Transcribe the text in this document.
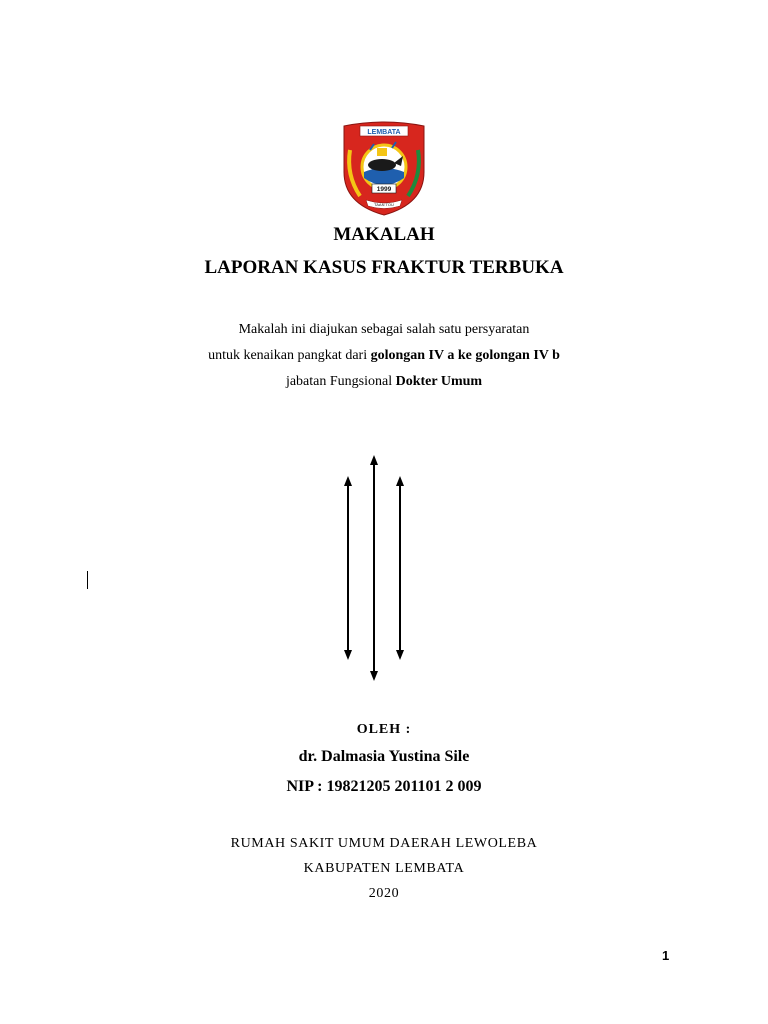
LEMBATA
1999
TAAN TOU
MAKALAH
LAPORAN KASUS FRAKTUR TERBUKA
Makalah ini diajukan sebagai salah satu persyaratan
untuk kenaikan pangkat dari golongan IV a ke golongan IV b
jabatan Fungsional Dokter Umum
OLEH :
dr. Dalmasia Yustina Sile
NIP : 19821205 201101 2 009
RUMAH SAKIT UMUM DAERAH LEWOLEBA
KABUPATEN LEMBATA
2020
1
